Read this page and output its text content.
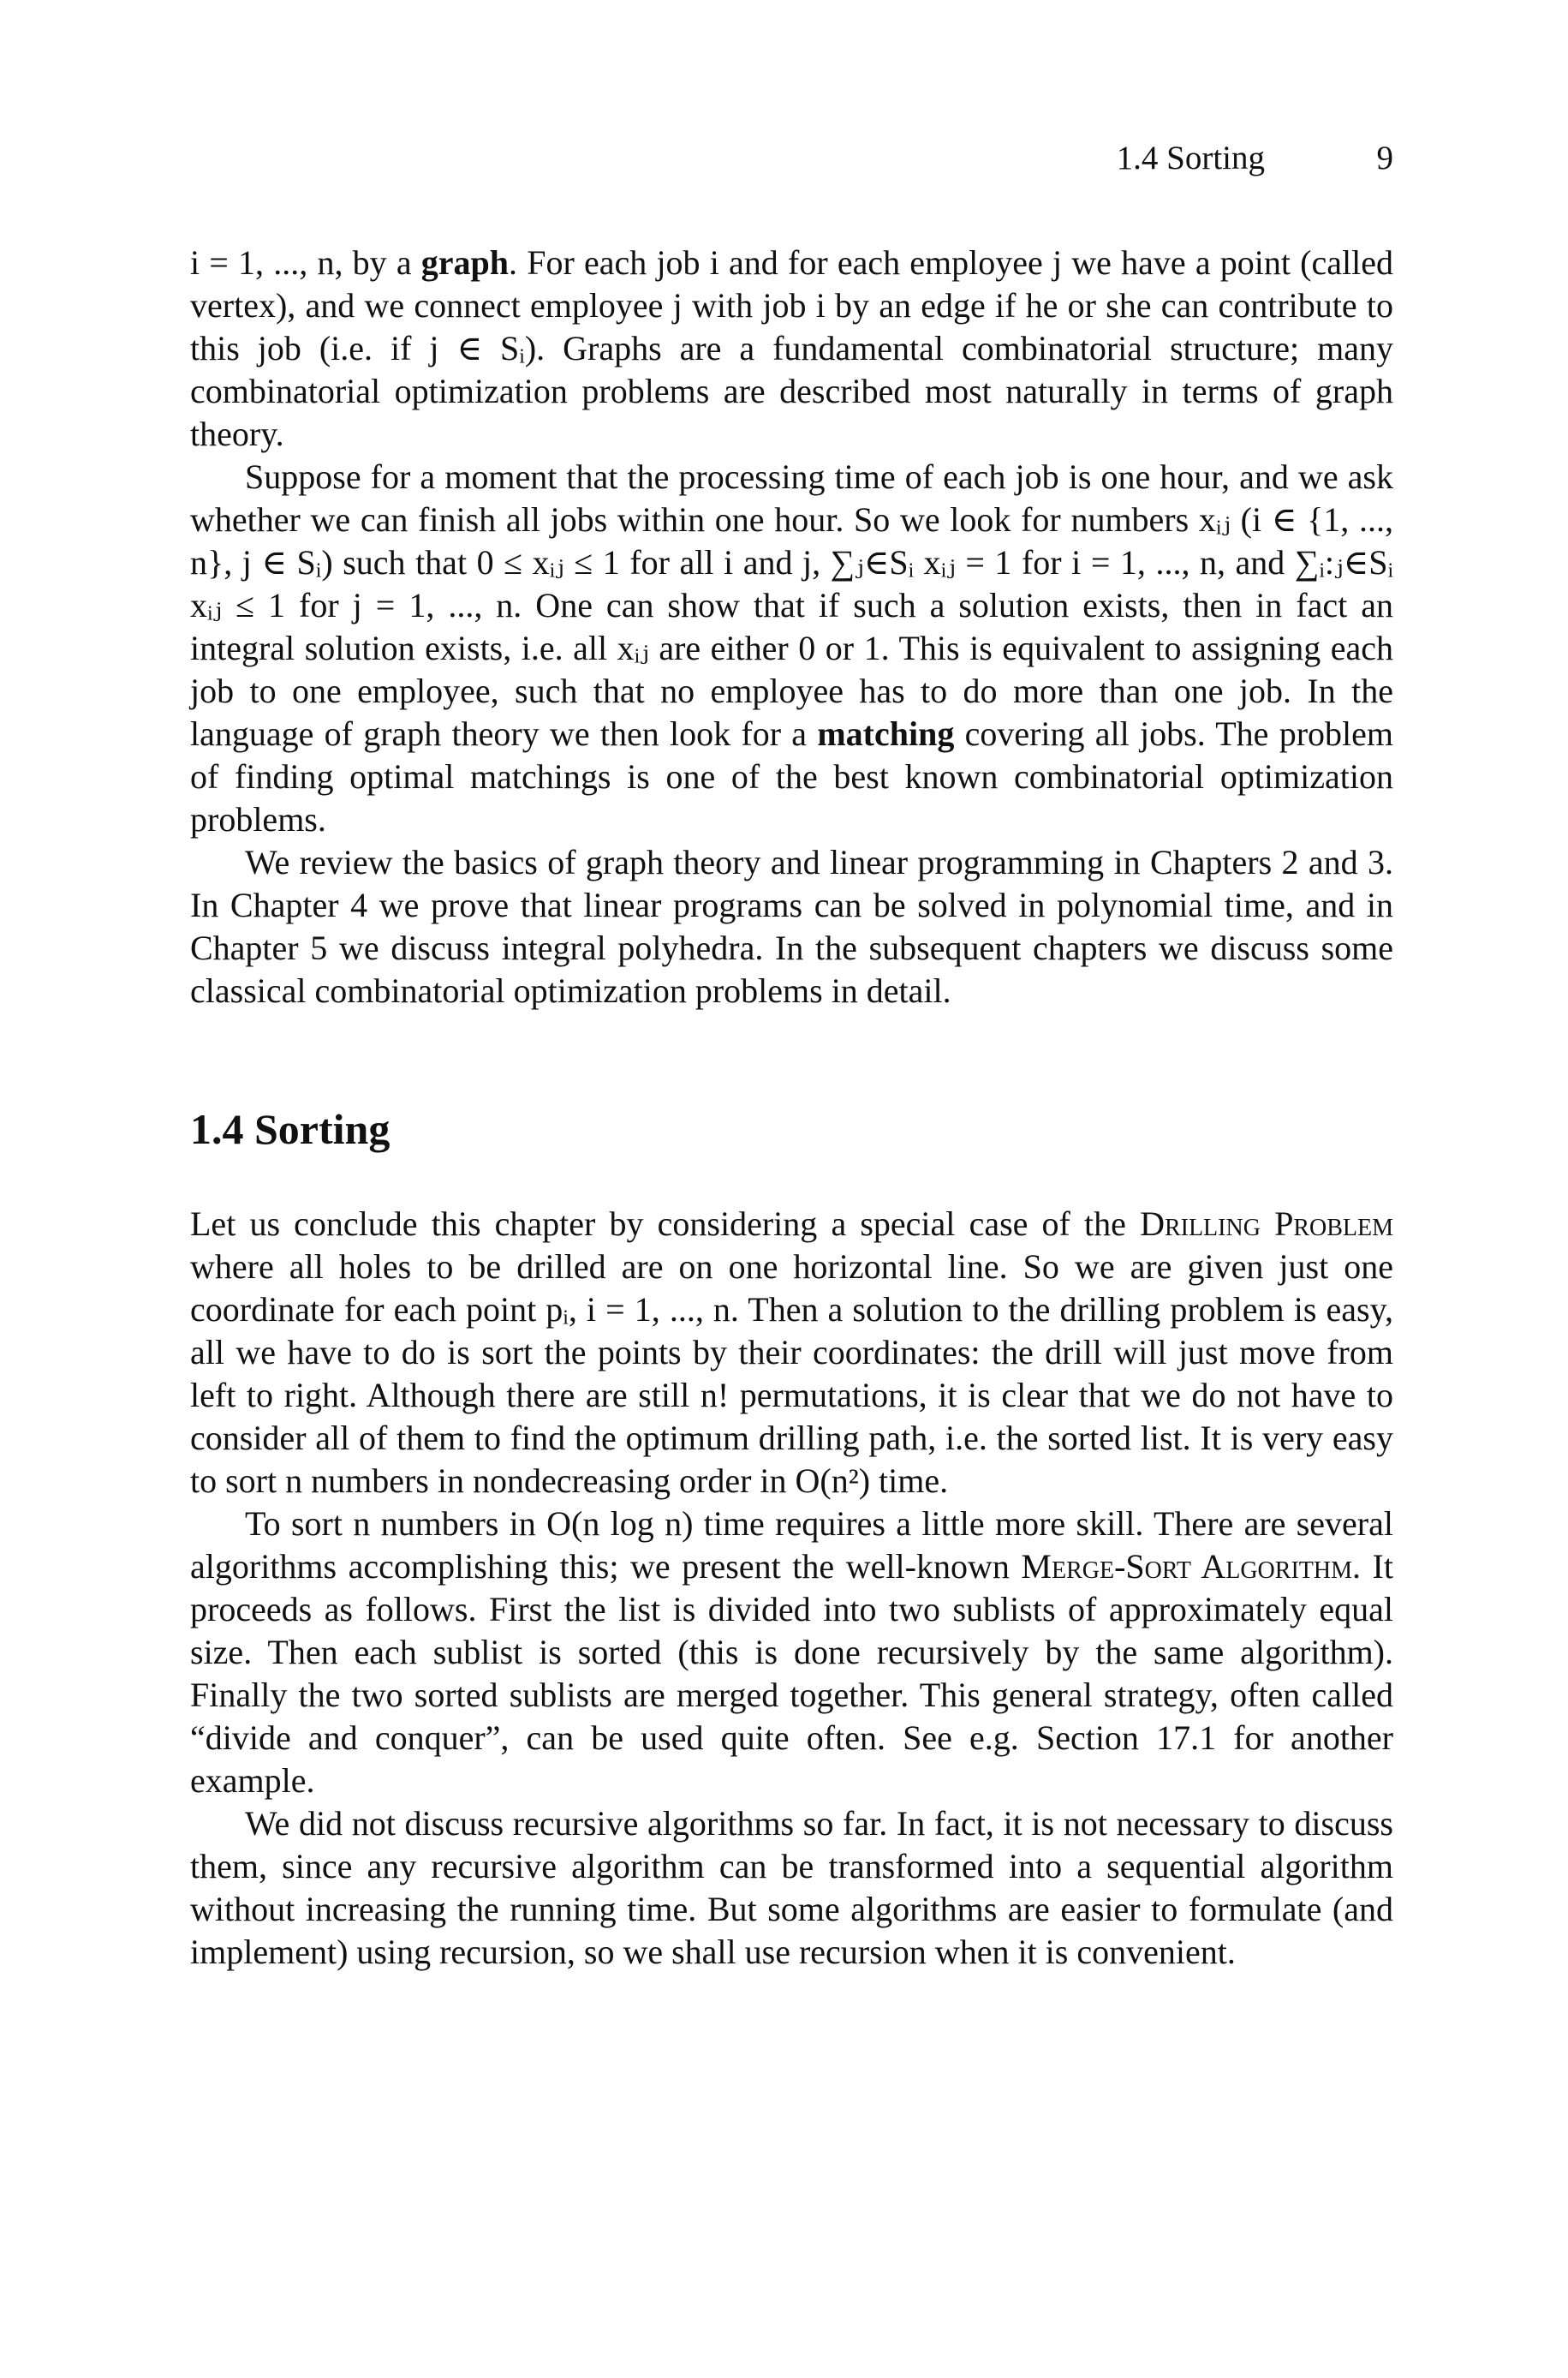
1.4 Sorting	9

i = 1, ..., n, by a graph. For each job i and for each employee j we have a point (called vertex), and we connect employee j with job i by an edge if he or she can contribute to this job (i.e. if j ∈ Sᵢ). Graphs are a fundamental combinatorial structure; many combinatorial optimization problems are described most naturally in terms of graph theory.

Suppose for a moment that the processing time of each job is one hour, and we ask whether we can finish all jobs within one hour. So we look for numbers xᵢⱼ (i ∈ {1, ..., n}, j ∈ Sᵢ) such that 0 ≤ xᵢⱼ ≤ 1 for all i and j, ∑ⱼ∈Sᵢ xᵢⱼ = 1 for i = 1, ..., n, and ∑ᵢ:ⱼ∈Sᵢ xᵢⱼ ≤ 1 for j = 1, ..., n. One can show that if such a solution exists, then in fact an integral solution exists, i.e. all xᵢⱼ are either 0 or 1. This is equivalent to assigning each job to one employee, such that no employee has to do more than one job. In the language of graph theory we then look for a matching covering all jobs. The problem of finding optimal matchings is one of the best known combinatorial optimization problems.

We review the basics of graph theory and linear programming in Chapters 2 and 3. In Chapter 4 we prove that linear programs can be solved in polynomial time, and in Chapter 5 we discuss integral polyhedra. In the subsequent chapters we discuss some classical combinatorial optimization problems in detail.

1.4 Sorting

Let us conclude this chapter by considering a special case of the Drilling Problem where all holes to be drilled are on one horizontal line. So we are given just one coordinate for each point pᵢ, i = 1, ..., n. Then a solution to the drilling problem is easy, all we have to do is sort the points by their coordinates: the drill will just move from left to right. Although there are still n! permutations, it is clear that we do not have to consider all of them to find the optimum drilling path, i.e. the sorted list. It is very easy to sort n numbers in nondecreasing order in O(n²) time.

To sort n numbers in O(n log n) time requires a little more skill. There are several algorithms accomplishing this; we present the well-known Merge-Sort Algorithm. It proceeds as follows. First the list is divided into two sublists of approximately equal size. Then each sublist is sorted (this is done recursively by the same algorithm). Finally the two sorted sublists are merged together. This general strategy, often called “divide and conquer”, can be used quite often. See e.g. Section 17.1 for another example.

We did not discuss recursive algorithms so far. In fact, it is not necessary to discuss them, since any recursive algorithm can be transformed into a sequential algorithm without increasing the running time. But some algorithms are easier to formulate (and implement) using recursion, so we shall use recursion when it is convenient.
